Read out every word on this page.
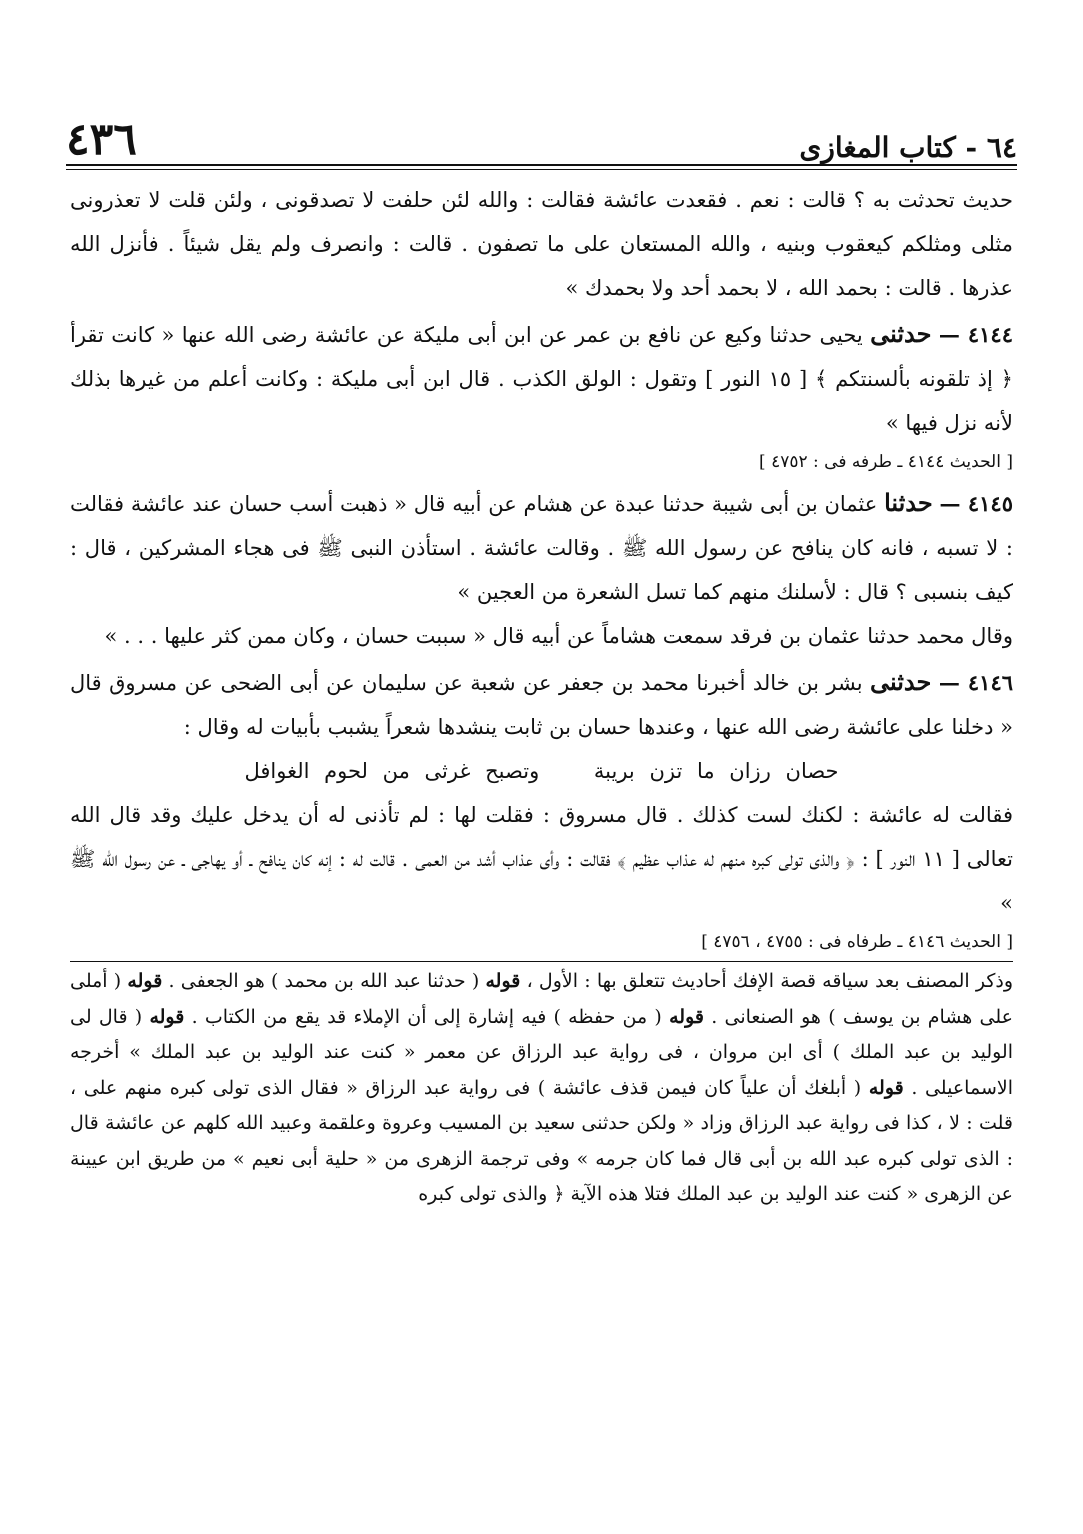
٤٣٦	٦٤ - كتاب المغازى

حديث تحدثت به ؟ قالت : نعم . فقعدت عائشة فقالت : والله لئن حلفت لا تصدقونى ، ولئن قلت لا تعذرونى مثلى ومثلكم كيعقوب وبنيه ، والله المستعان على ما تصفون . قالت : وانصرف ولم يقل شيئاً . فأنزل الله عذرها . قالت : بحمد الله ، لا بحمد أحد ولا بحمدك »

٤١٤٤ — حدثنى يحيى حدثنا وكيع عن نافع بن عمر عن ابن أبى مليكة عن عائشة رضى الله عنها « كانت تقرأ ﴿ إذ تلقونه بألسنتكم ﴾ [ ١٥ النور ] وتقول : الولق الكذب . قال ابن أبى مليكة : وكانت أعلم من غيرها بذلك لأنه نزل فيها »

[ الحديث ٤١٤٤ ـ طرفه فى : ٤٧٥٢ ]

٤١٤٥ — حدثنا عثمان بن أبى شيبة حدثنا عبدة عن هشام عن أبيه قال « ذهبت أسب حسان عند عائشة فقالت : لا تسبه ، فانه كان ينافح عن رسول الله ﷺ . وقالت عائشة . استأذن النبى ﷺ فى هجاء المشركين ، قال : كيف بنسبى ؟ قال : لأسلنك منهم كما تسل الشعرة من العجين »

وقال محمد حدثنا عثمان بن فرقد سمعت هشاماً عن أبيه قال « سببت حسان ، وكان ممن كثر عليها . . . »

٤١٤٦ — حدثنى بشر بن خالد أخبرنا محمد بن جعفر عن شعبة عن سليمان عن أبى الضحى عن مسروق قال « دخلنا على عائشة رضى الله عنها ، وعندها حسان بن ثابت ينشدها شعراً يشبب بأبيات له وقال :

حصان رزان ما تزن بريبة وتصبح غرثى من لحوم الغوافل

فقالت له عائشة : لكنك لست كذلك . قال مسروق : فقلت لها : لم تأذنى له أن يدخل عليك وقد قال الله تعالى [ ١١ النور ] : ﴿ والذى تولى كبره منهم له عذاب عظيم ﴾ فقالت : وأى عذاب أشد من العمى . قالت له : إنه كان ينافح ـ أو يهاجى ـ عن رسول الله ﷺ »

[ الحديث ٤١٤٦ ـ طرفاه فى : ٤٧٥٥ ، ٤٧٥٦ ]

وذكر المصنف بعد سياقه قصة الإفك أحاديث تتعلق بها : الأول ، قوله ( حدثنا عبد الله بن محمد ) هو الجعفى . قوله ( أملى على هشام بن يوسف ) هو الصنعانى . قوله ( من حفظه ) فيه إشارة إلى أن الإملاء قد يقع من الكتاب . قوله ( قال لى الوليد بن عبد الملك ) أى ابن مروان ، فى رواية عبد الرزاق عن معمر « كنت عند الوليد بن عبد الملك » أخرجه الاسماعيلى . قوله ( أبلغك أن علياً كان فيمن قذف عائشة ) فى رواية عبد الرزاق « فقال الذى تولى كبره منهم على ، قلت : لا ، كذا فى رواية عبد الرزاق وزاد « ولكن حدثنى سعيد بن المسيب وعروة وعلقمة وعبيد الله كلهم عن عائشة قال : الذى تولى كبره عبد الله بن أبى قال فما كان جرمه » وفى ترجمة الزهرى من « حلية أبى نعيم » من طريق ابن عيينة عن الزهرى « كنت عند الوليد بن عبد الملك فتلا هذه الآية ﴿ والذى تولى كبره
